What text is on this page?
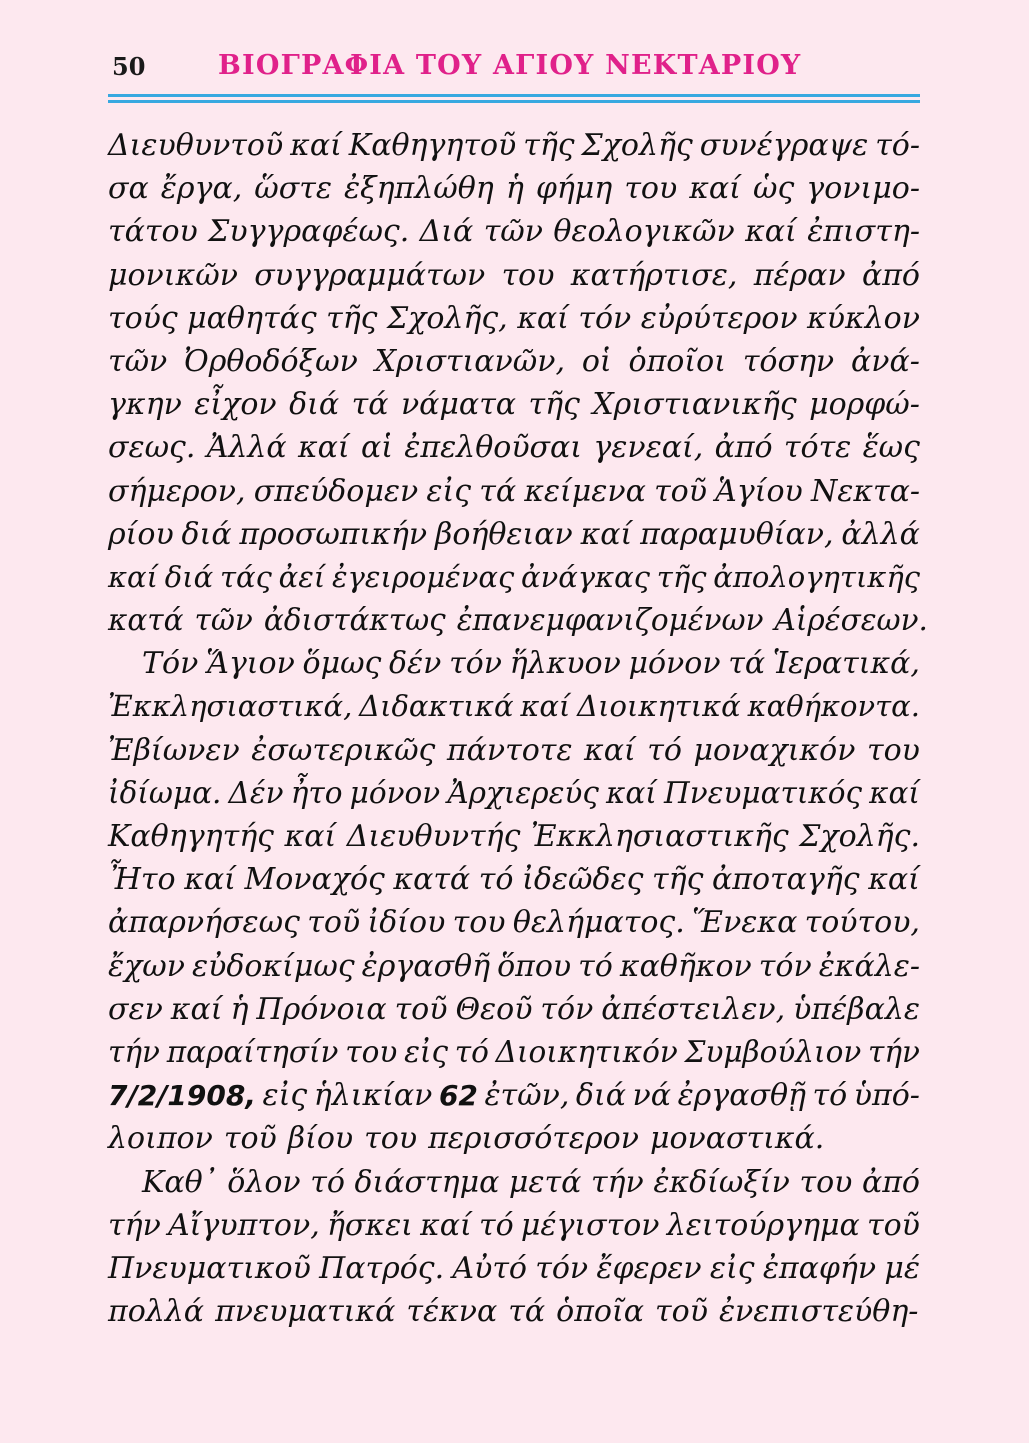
50	ΒΙΟΓΡΑΦΙΑ ΤΟΥ ΑΓΙΟΥ ΝΕΚΤΑΡΙΟΥ
Διευθυντοῦ καί Καθηγητοῦ τῆς Σχολῆς συνέγραψε τό-
σα ἔργα, ὥστε ἐξηπλώθη ἡ φήμη του καί ὡς γονιμο-
τάτου Συγγραφέως. Διά τῶν θεολογικῶν καί ἐπιστη-
μονικῶν συγγραμμάτων του κατήρτισε, πέραν ἀπό
τούς μαθητάς τῆς Σχολῆς, καί τόν εὐρύτερον κύκλον
τῶν Ὀρθοδόξων Χριστιανῶν, οἱ ὁποῖοι τόσην ἀνά-
γκην εἶχον διά τά νάματα τῆς Χριστιανικῆς μορφώ-
σεως. Ἀλλά καί αἱ ἐπελθοῦσαι γενεαί, ἀπό τότε ἕως
σήμερον, σπεύδομεν εἰς τά κείμενα τοῦ Ἁγίου Νεκτα-
ρίου διά προσωπικήν βοήθειαν καί παραμυθίαν, ἀλλά
καί διά τάς ἀεί ἐγειρομένας ἀνάγκας τῆς ἀπολογητικῆς
κατά τῶν ἀδιστάκτως ἐπανεμφανιζομένων Αἱρέσεων.
Τόν Ἅγιον ὅμως δέν τόν ἥλκυον μόνον τά Ἱερατικά,
Ἐκκλησιαστικά, Διδακτικά καί Διοικητικά καθήκοντα.
Ἐβίωνεν ἐσωτερικῶς πάντοτε καί τό μοναχικόν του
ἰδίωμα. Δέν ἦτο μόνον Ἀρχιερεύς καί Πνευματικός καί
Καθηγητής καί Διευθυντής Ἐκκλησιαστικῆς Σχολῆς.
Ἦτο καί Μοναχός κατά τό ἰδεῶδες τῆς ἀποταγῆς καί
ἀπαρνήσεως τοῦ ἰδίου του θελήματος. Ἕνεκα τούτου,
ἔχων εὐδοκίμως ἐργασθῆ ὅπου τό καθῆκον τόν ἐκάλε-
σεν καί ἡ Πρόνοια τοῦ Θεοῦ τόν ἀπέστειλεν, ὑπέβαλε
τήν παραίτησίν του εἰς τό Διοικητικόν Συμβούλιον τήν
7/2/1908, εἰς ἡλικίαν 62 ἐτῶν, διά νά ἐργασθῇ τό ὑπό-
λοιπον τοῦ βίου του περισσότερον μοναστικά.
Καθ᾽ ὅλον τό διάστημα μετά τήν ἐκδίωξίν του ἀπό
τήν Αἴγυπτον, ἤσκει καί τό μέγιστον λειτούργημα τοῦ
Πνευματικοῦ Πατρός. Αὐτό τόν ἔφερεν εἰς ἐπαφήν μέ
πολλά πνευματικά τέκνα τά ὁποῖα τοῦ ἐνεπιστεύθη-
